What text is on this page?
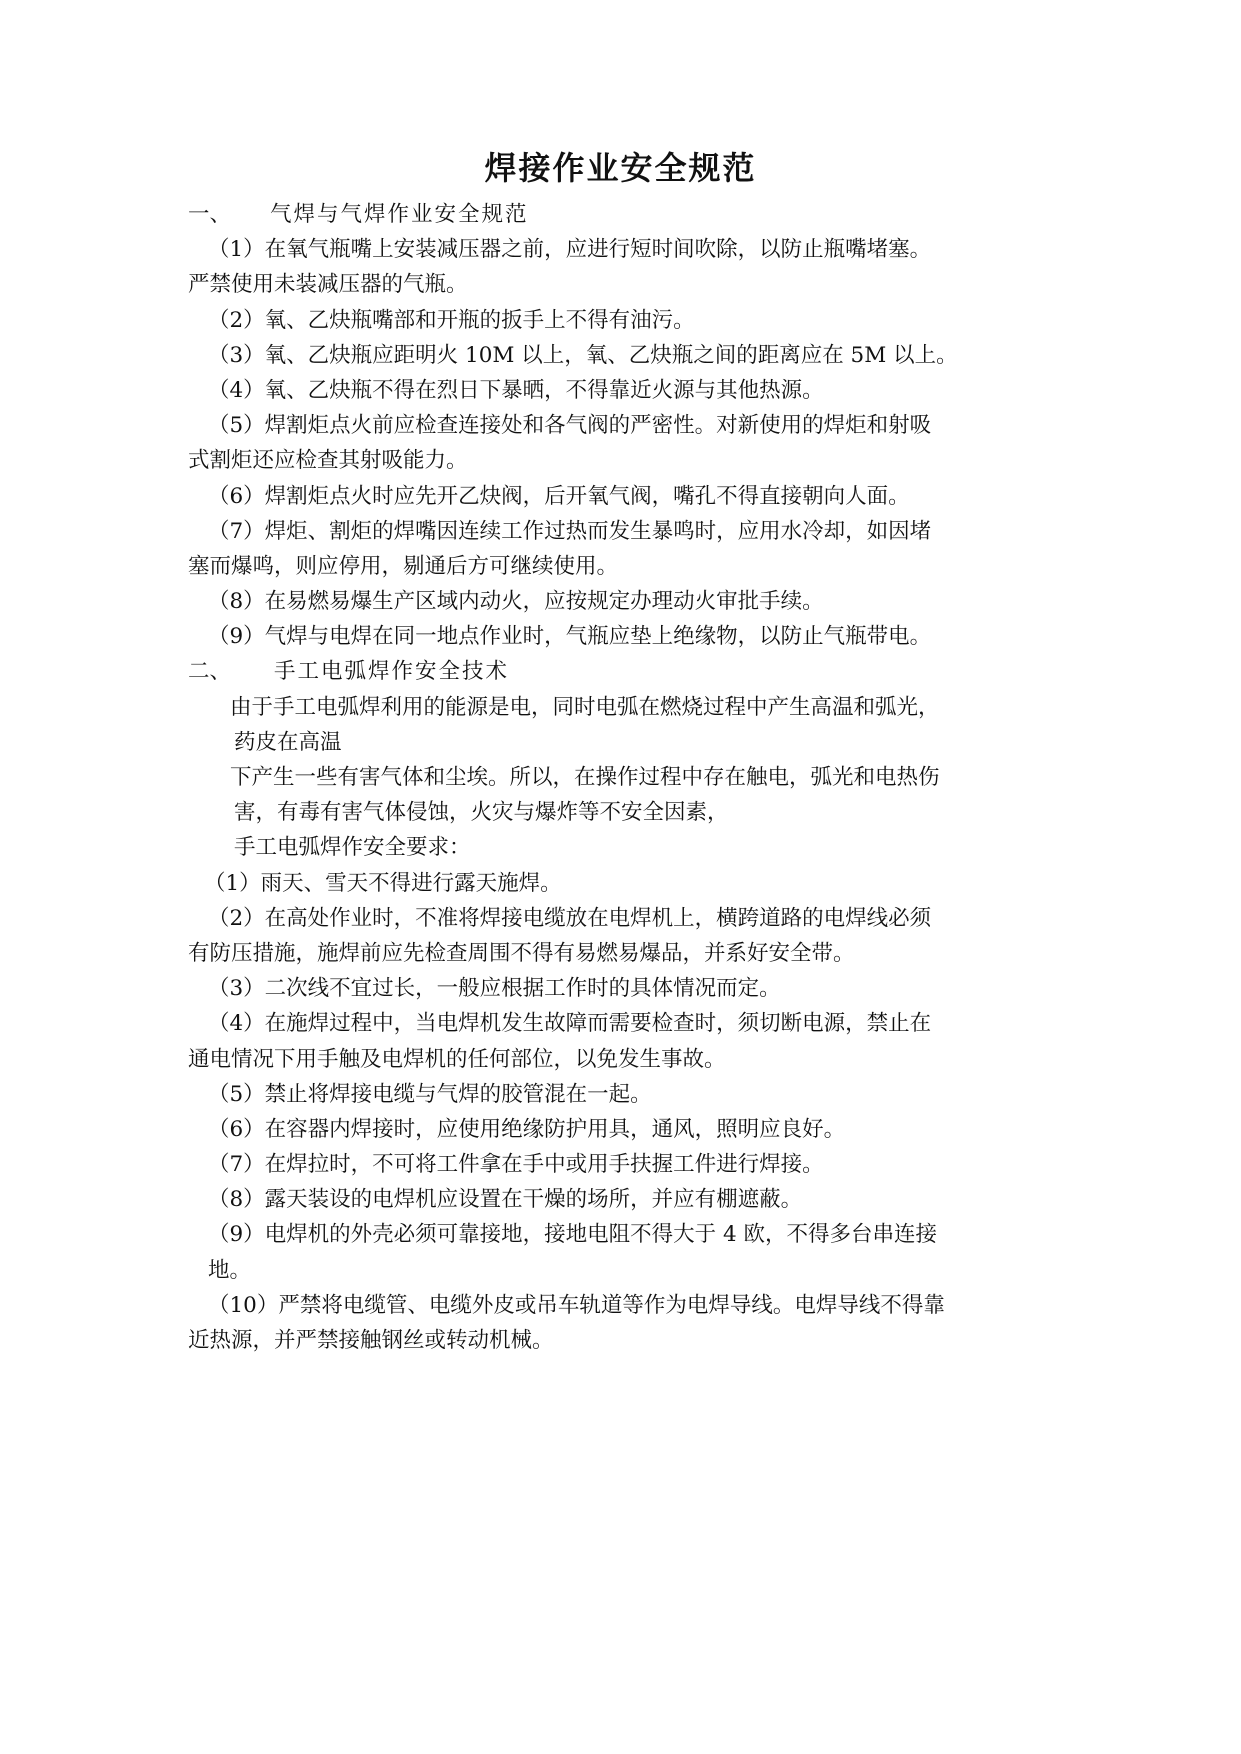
焊接作业安全规范

一、 气焊与气焊作业安全规范

（1）在氧气瓶嘴上安装减压器之前，应进行短时间吹除，以防止瓶嘴堵塞。

严禁使用未装减压器的气瓶。

（2）氧、乙炔瓶嘴部和开瓶的扳手上不得有油污。

（3）氧、乙炔瓶应距明火 10M 以上，氧、乙炔瓶之间的距离应在 5M 以上。

（4）氧、乙炔瓶不得在烈日下暴晒，不得靠近火源与其他热源。

（5）焊割炬点火前应检查连接处和各气阀的严密性。对新使用的焊炬和射吸

式割炬还应检查其射吸能力。

（6）焊割炬点火时应先开乙炔阀，后开氧气阀，嘴孔不得直接朝向人面。

（7）焊炬、割炬的焊嘴因连续工作过热而发生暴鸣时，应用水冷却，如因堵

塞而爆鸣，则应停用，剔通后方可继续使用。

（8）在易燃易爆生产区域内动火，应按规定办理动火审批手续。

（9）气焊与电焊在同一地点作业时，气瓶应垫上绝缘物，以防止气瓶带电。

二、 手工电弧焊作安全技术

由于手工电弧焊利用的能源是电，同时电弧在燃烧过程中产生高温和弧光，

药皮在高温

下产生一些有害气体和尘埃。所以，在操作过程中存在触电，弧光和电热伤

害，有毒有害气体侵蚀，火灾与爆炸等不安全因素，

手工电弧焊作安全要求：

（1）雨天、雪天不得进行露天施焊。

（2）在高处作业时，不准将焊接电缆放在电焊机上，横跨道路的电焊线必须

有防压措施，施焊前应先检查周围不得有易燃易爆品，并系好安全带。

（3）二次线不宜过长，一般应根据工作时的具体情况而定。

（4）在施焊过程中，当电焊机发生故障而需要检查时，须切断电源，禁止在

通电情况下用手触及电焊机的任何部位，以免发生事故。

（5）禁止将焊接电缆与气焊的胶管混在一起。

（6）在容器内焊接时，应使用绝缘防护用具，通风，照明应良好。

（7）在焊拉时，不可将工件拿在手中或用手扶握工件进行焊接。

（8）露天装设的电焊机应设置在干燥的场所，并应有棚遮蔽。

（9）电焊机的外壳必须可靠接地，接地电阻不得大于 4 欧，不得多台串连接

地。

（10）严禁将电缆管、电缆外皮或吊车轨道等作为电焊导线。电焊导线不得靠

近热源，并严禁接触钢丝或转动机械。
